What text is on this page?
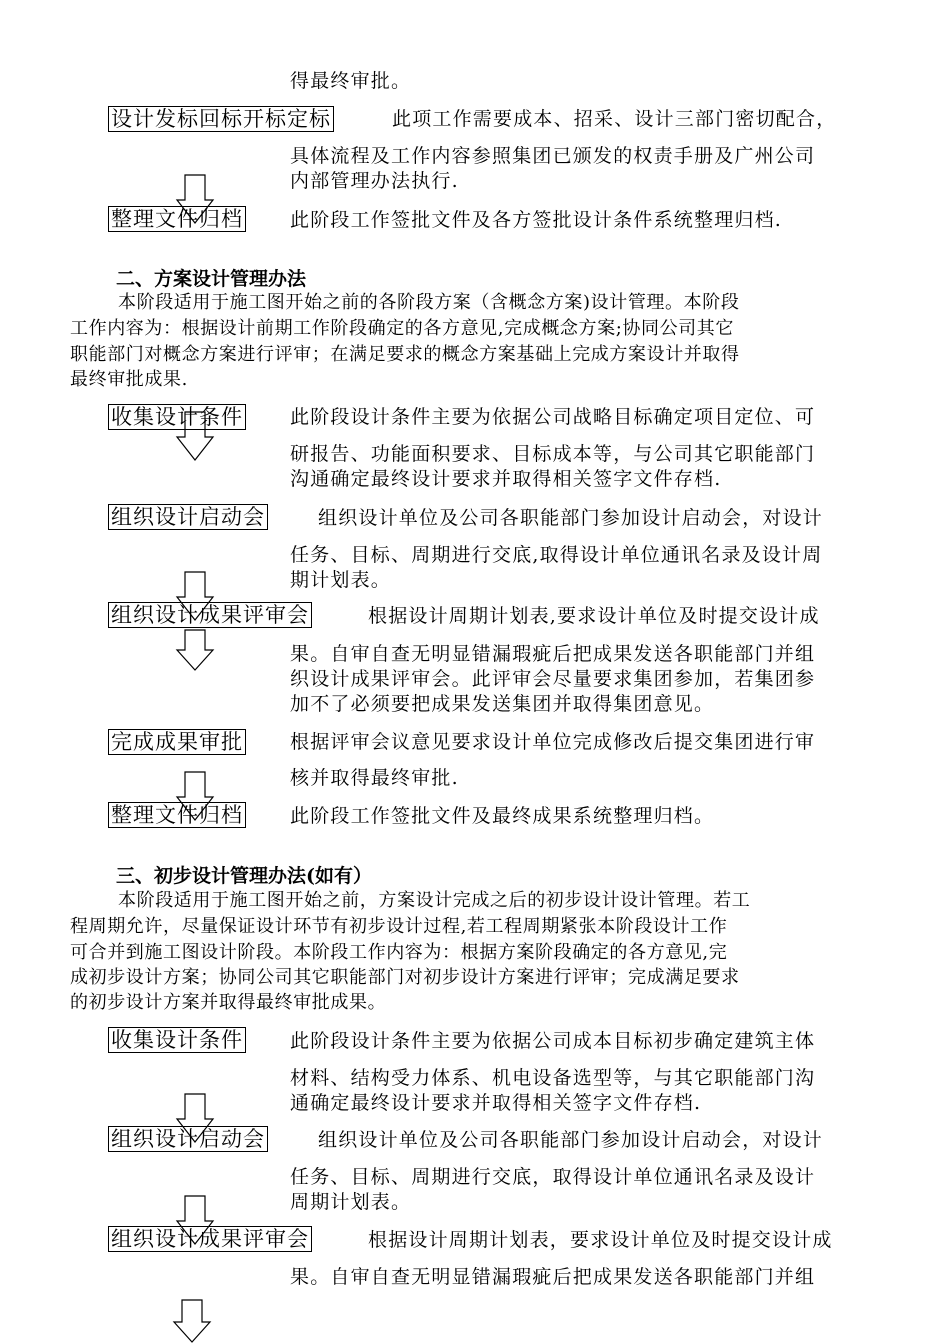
得最终审批。
设计发标回标开标定标	此项工作需要成本、招采、设计三部门密切配合，
具体流程及工作内容参照集团已颁发的权责手册及广州公司
内部管理办法执行.
整理文件归档 此阶段工作签批文件及各方签批设计条件系统整理归档.
二、方案设计管理办法
本阶段适用于施工图开始之前的各阶段方案（含概念方案)设计管理。本阶段
工作内容为：根据设计前期工作阶段确定的各方意见,完成概念方案;协同公司其它
职能部门对概念方案进行评审；在满足要求的概念方案基础上完成方案设计并取得
最终审批成果.
收集设计条件 此阶段设计条件主要为依据公司战略目标确定项目定位、可
研报告、功能面积要求、目标成本等，与公司其它职能部门
沟通确定最终设计要求并取得相关签字文件存档.
组织设计启动会	组织设计单位及公司各职能部门参加设计启动会，对设计
任务、目标、周期进行交底,取得设计单位通讯名录及设计周
期计划表。
组织设计成果评审会	根据设计周期计划表,要求设计单位及时提交设计成
果。自审自查无明显错漏瑕疵后把成果发送各职能部门并组
织设计成果评审会。此评审会尽量要求集团参加，若集团参
加不了必须要把成果发送集团并取得集团意见。
完成成果审批 根据评审会议意见要求设计单位完成修改后提交集团进行审
核并取得最终审批.
整理文件归档 此阶段工作签批文件及最终成果系统整理归档。
三、初步设计管理办法(如有）
本阶段适用于施工图开始之前，方案设计完成之后的初步设计设计管理。若工
程周期允许，尽量保证设计环节有初步设计过程,若工程周期紧张本阶段设计工作
可合并到施工图设计阶段。本阶段工作内容为：根据方案阶段确定的各方意见,完
成初步设计方案；协同公司其它职能部门对初步设计方案进行评审；完成满足要求
的初步设计方案并取得最终审批成果。
收集设计条件 此阶段设计条件主要为依据公司成本目标初步确定建筑主体
材料、结构受力体系、机电设备选型等，与其它职能部门沟
通确定最终设计要求并取得相关签字文件存档.
组织设计启动会	组织设计单位及公司各职能部门参加设计启动会，对设计
任务、目标、周期进行交底，取得设计单位通讯名录及设计
周期计划表。
组织设计成果评审会	根据设计周期计划表，要求设计单位及时提交设计成
果。自审自查无明显错漏瑕疵后把成果发送各职能部门并组
